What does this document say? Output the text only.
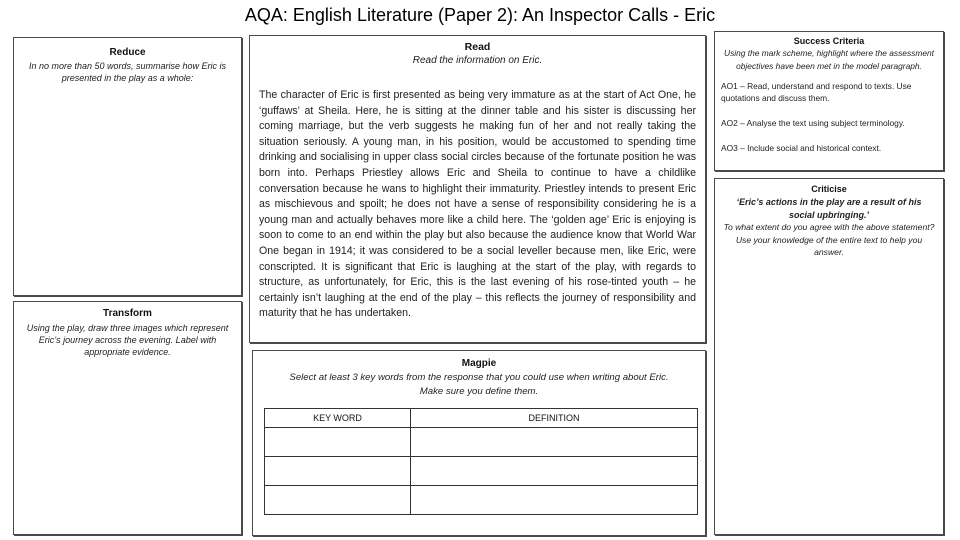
AQA: English Literature (Paper 2): An Inspector Calls - Eric

Reduce

In no more than 50 words, summarise how Eric is presented in the play as a whole:

Transform

Using the play, draw three images which represent Eric’s journey across the evening. Label with appropriate evidence.

Read

Read the information on Eric.

The character of Eric is first presented as being very immature as at the start of Act One, he ‘guffaws’ at Sheila. Here, he is sitting at the dinner table and his sister is discussing her coming marriage, but the verb suggests he making fun of her and not really taking the situation seriously. A young man, in his position, would be accustomed to spending time drinking and socialising in upper class social circles because of the fortunate position he was born into. Perhaps Priestley allows Eric and Sheila to continue to have a childlike conversation because he wans to highlight their immaturity. Priestley intends to present Eric as mischievous and spoilt; he does not have a sense of responsibility considering he is a young man and actually behaves more like a child here. The ‘golden age’ Eric is enjoying is soon to come to an end within the play but also because the audience know that World War One began in 1914; it was considered to be a social leveller because men, like Eric, were conscripted. It is significant that Eric is laughing at the start of the play, with regards to structure, as unfortunately, for Eric, this is the last evening of his rose-tinted youth – he certainly isn’t laughing at the end of the play – this reflects the journey of responsibility and maturity that he has undertaken.

Magpie

Select at least 3 key words from the response that you could use when writing about Eric.

Make sure you define them.

KEY WORD	DEFINITION

Success Criteria

Using the mark scheme, highlight where the assessment objectives have been met in the model paragraph.

AO1 – Read, understand and respond to texts. Use quotations and discuss them.

AO2 – Analyse the text using subject terminology.

AO3 – Include social and historical context.

Criticise

‘Eric’s actions in the play are a result of his social upbringing.’

To what extent do you agree with the above statement? Use your knowledge of the entire text to help you answer.
